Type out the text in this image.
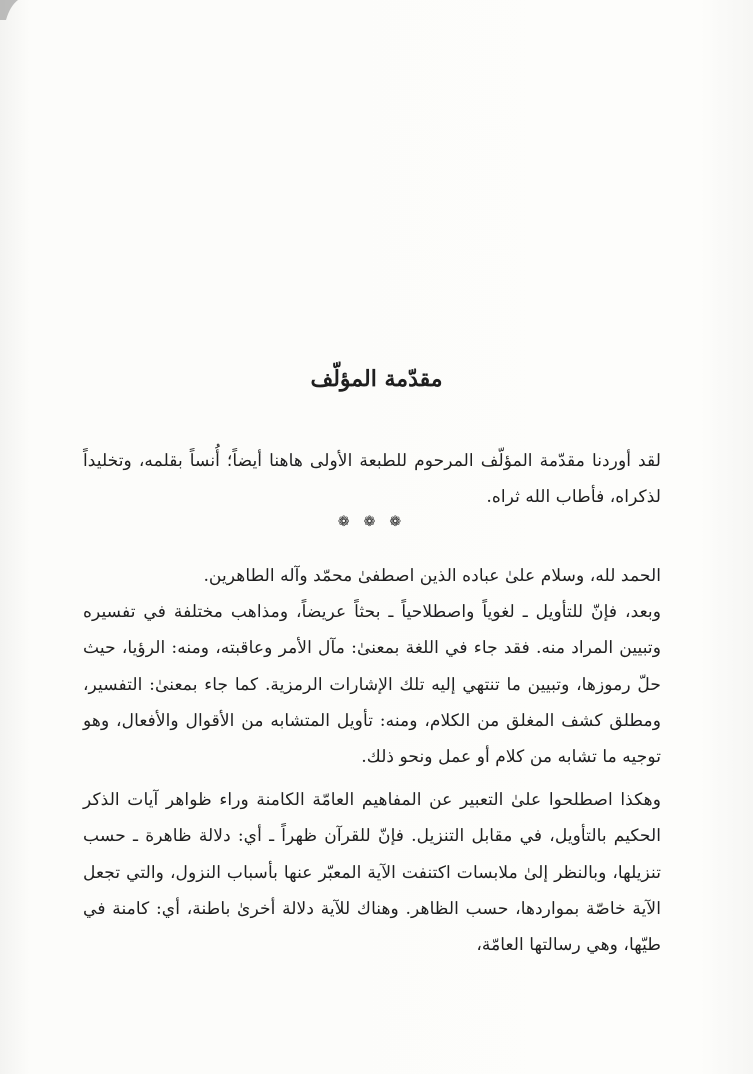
مقدّمة المؤلّف
لقد أوردنا مقدّمة المؤلّف المرحوم للطبعة الأولى هاهنا أيضاً؛ أُنساً بقلمه، وتخليداً لذكراه، فأطاب الله ثراه.
❁❁❁

الحمد لله، وسلام علىٰ عباده الذين اصطفىٰ محمّد وآله الطاهرين.

وبعد، فإنّ للتأويل ـ لغوياً واصطلاحياً ـ بحثاً عريضاً، ومذاهب مختلفة في تفسيره وتبيين المراد منه. فقد جاء في اللغة بمعنىٰ: مآل الأمر وعاقبته، ومنه: الرؤيا، حيث حلّ رموزها، وتبيين ما تنتهي إليه تلك الإشارات الرمزية. كما جاء بمعنىٰ: التفسير، ومطلق كشف المغلق من الكلام، ومنه: تأويل المتشابه من الأقوال والأفعال، وهو توجيه ما تشابه من كلام أو عمل ونحو ذلك.

وهكذا اصطلحوا علىٰ التعبير عن المفاهيم العامّة الكامنة وراء ظواهر آيات الذكر الحكيم بالتأويل، في مقابل التنزيل. فإنّ للقرآن ظهراً ـ أي: دلالة ظاهرة ـ حسب تنزيلها، وبالنظر إلىٰ ملابسات اكتنفت الآية المعبّر عنها بأسباب النزول، والتي تجعل الآية خاصّة بمواردها، حسب الظاهر. وهناك للآية دلالة أخرىٰ باطنة، أي: كامنة في طيّها، وهي رسالتها العامّة،
